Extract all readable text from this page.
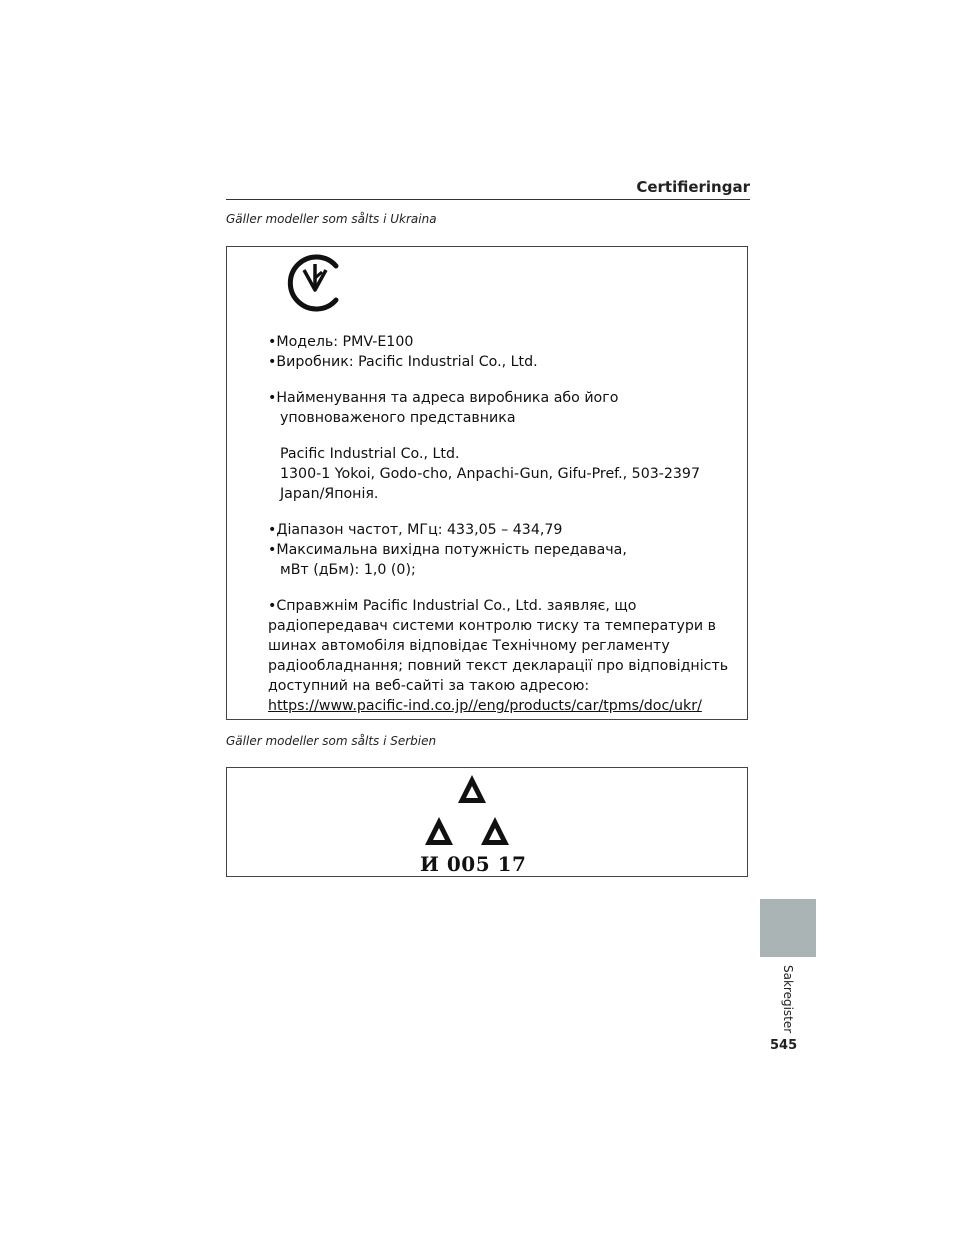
Certifieringar
Gäller modeller som sålts i Ukraina

•Модель: PMV-E100

•Виробник: Pacific Industrial Co., Ltd.

•Найменування та адреса виробника або його

уповноваженого представника

Pacific Industrial Co., Ltd.

1300-1 Yokoi, Godo-cho, Anpachi-Gun, Gifu-Pref., 503-2397

Japan/Японія.

•Діапазон частот, МГц: 433,05 – 434,79

•Максимальна вихідна потужність передавача,

мВт (дБм): 1,0 (0);

•Справжнім Pacific Industrial Co., Ltd. заявляє, що

радіопередавач системи контролю тиску та температури в

шинах автомобіля відповідає Технічному регламенту

радіообладнання; повний текст декларації про відповідність

доступний на веб-сайті за такою адресою:

https://www.pacific-ind.co.jp//eng/products/car/tpms/doc/ukr/

Gäller modeller som sålts i Serbien
И 005 17
Sakregister
545
